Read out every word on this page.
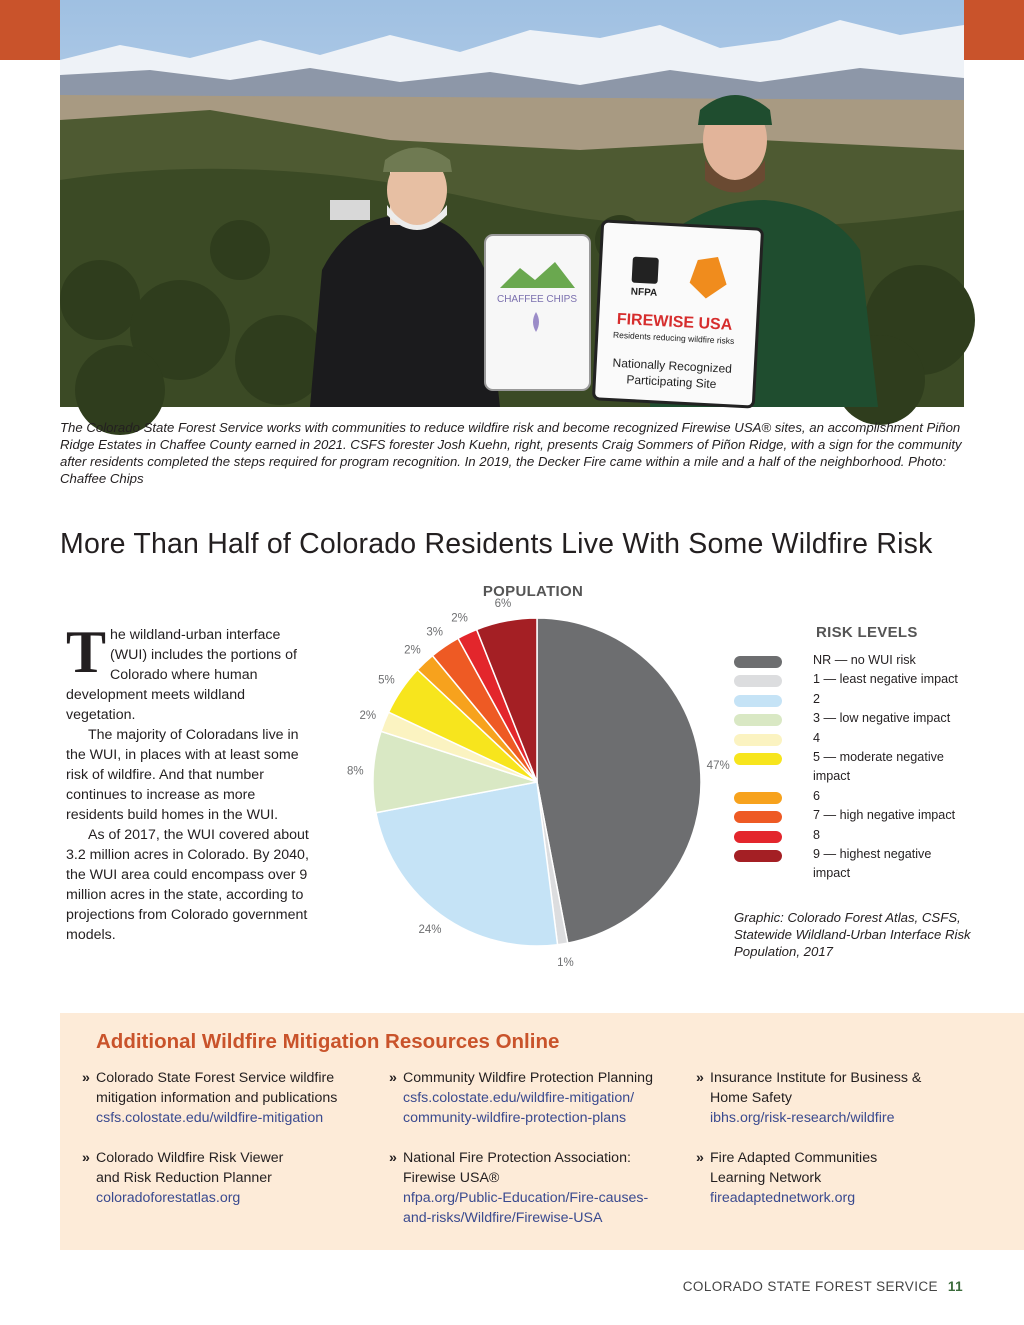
CHAFFEE CHIPS
NFPA
FIREWISE USA
Residents reducing wildfire risks
Nationally Recognized
Participating Site
The Colorado State Forest Service works with communities to reduce wildfire risk and become recognized Firewise USA® sites, an accomplishment Piñon Ridge Estates in Chaffee County earned in 2021. CSFS forester Josh Kuehn, right, presents Craig Sommers of Piñon Ridge, with a sign for the community after residents completed the steps required for program recognition. In 2019, the Decker Fire came within a mile and a half of the neighborhood. Photo: Chaffee Chips
More Than Half of Colorado Residents Live With Some Wildfire Risk

The wildland-urban interface (WUI) includes the portions of Colorado where human development meets wildland vegetation.

The majority of Coloradans live in the WUI, in places with at least some risk of wildfire. And that number continues to increase as more residents build homes in the WUI.

As of 2017, the WUI covered about 3.2 million acres in Colorado. By 2040, the WUI area could encompass over 9 million acres in the state, according to projections from Colorado government models.

POPULATION
47%
1%
24%
8%
2%
5%
2%
3%
2%
6%
RISK LEVELS
NR — no WUI risk
1 — least negative impact
2
3 — low negative impact
4
5 — moderate negative impact
6
7 — high negative impact
8
9 — highest negative impact
Graphic: Colorado Forest Atlas, CSFS, Statewide Wildland-Urban Interface Risk Population, 2017
Additional Wildfire Mitigation Resources Online
» Colorado State Forest Service wildfire mitigation information and publications
csfs.colostate.edu/wildfire-mitigation
» Community Wildfire Protection Planning
csfs.colostate.edu/wildfire-mitigation/ community-wildfire-protection-plans
» Insurance Institute for Business & Home Safety
ibhs.org/risk-research/wildfire
» Colorado Wildfire Risk Viewer and Risk Reduction Planner
coloradoforestatlas.org
» National Fire Protection Association: Firewise USA®
nfpa.org/Public-Education/Fire-causes-and-risks/Wildfire/Firewise-USA
» Fire Adapted Communities Learning Network
fireadaptednetwork.org
COLORADO STATE FOREST SERVICE 11
